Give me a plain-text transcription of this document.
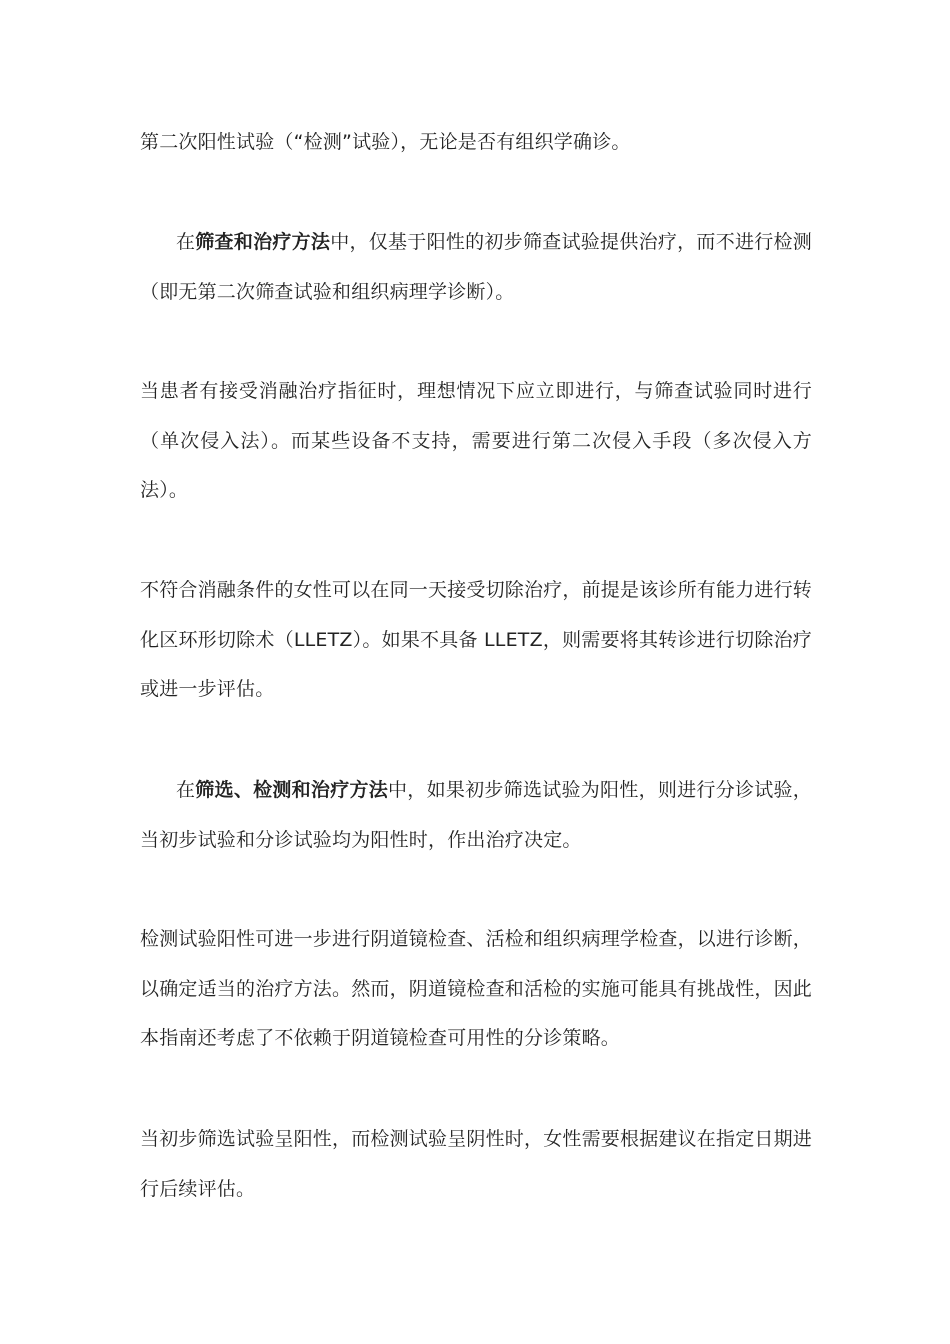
第二次阳性试验（“检测”试验），无论是否有组织学确诊。

在筛查和治疗方法中，仅基于阳性的初步筛查试验提供治疗，而不进行检测（即无第二次筛查试验和组织病理学诊断）。

当患者有接受消融治疗指征时，理想情况下应立即进行，与筛查试验同时进行（单次侵入法）。而某些设备不支持，需要进行第二次侵入手段（多次侵入方法）。

不符合消融条件的女性可以在同一天接受切除治疗，前提是该诊所有能力进行转化区环形切除术（LLETZ）。如果不具备 LLETZ，则需要将其转诊进行切除治疗或进一步评估。

在筛选、检测和治疗方法中，如果初步筛选试验为阳性，则进行分诊试验，当初步试验和分诊试验均为阳性时，作出治疗决定。

检测试验阳性可进一步进行阴道镜检查、活检和组织病理学检查，以进行诊断，以确定适当的治疗方法。然而，阴道镜检查和活检的实施可能具有挑战性，因此本指南还考虑了不依赖于阴道镜检查可用性的分诊策略。

当初步筛选试验呈阳性，而检测试验呈阴性时，女性需要根据建议在指定日期进行后续评估。
